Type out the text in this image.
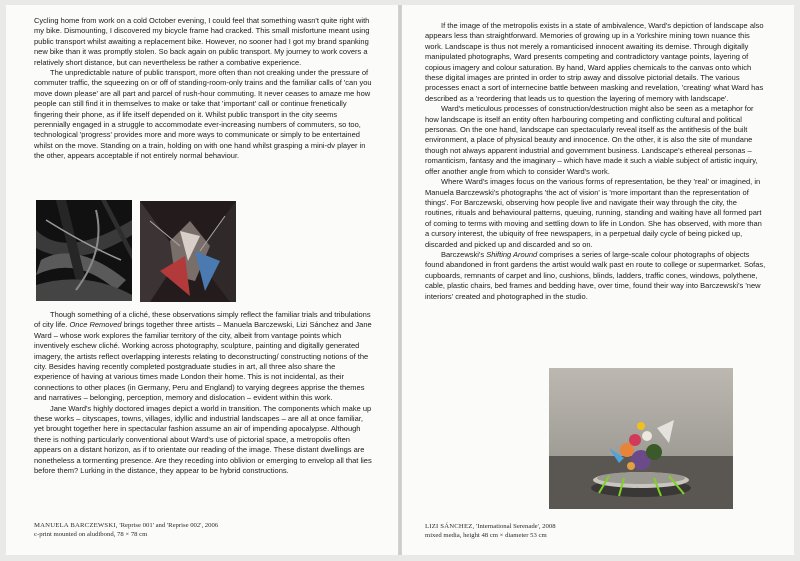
Cycling home from work on a cold October evening, I could feel that something wasn't quite right with my bike. Dismounting, I discovered my bicycle frame had cracked. This small misfortune meant using public transport whilst awaiting a replacement bike. However, no sooner had I got my brand spanking new bike than it was promptly stolen. So back again on public transport. My journey to work covers a relatively short distance, but can nevertheless be rather a combative experience.

The unpredictable nature of public transport, more often than not creaking under the pressure of commuter traffic, the squeezing on or off of standing-room-only trains and the familiar calls of 'can you move down please' are all part and parcel of rush-hour commuting. It never ceases to amaze me how people can still find it in themselves to make or take that 'important' call or continue frenetically fingering their phone, as if life itself depended on it. Whilst public transport in the city seems perennially engaged in a struggle to accommodate ever-increasing numbers of commuters, so too, technological 'progress' provides more and more ways to communicate or simply to be entertained whilst on the move. Standing on a train, holding on with one hand whilst grasping a mini-dv player in the other, appears acceptable if not entirely normal behaviour.

Though something of a cliché, these observations simply reflect the familiar trials and tribulations of city life. Once Removed brings together three artists – Manuela Barczewski, Lizi Sánchez and Jane Ward – whose work explores the familiar territory of the city, albeit from vantage points which inventively eschew cliché. Working across photography, sculpture, painting and digitally generated imagery, the artists reflect overlapping interests relating to deconstructing/ constructing notions of the city. Besides having recently completed postgraduate studies in art, all three also share the experience of having at various times made London their home. This is not incidental, as their connections to other places (in Germany, Peru and England) to varying degrees apprise the themes and narratives – belonging, perception, memory and dislocation – evident within this work.

Jane Ward's highly doctored images depict a world in transition. The components which make up these works – cityscapes, towns, villages, idyllic and industrial landscapes – are all at once familiar, yet brought together here in spectacular fashion assume an air of impending apocalypse. Although there is nothing particularly conventional about Ward's use of pictorial space, a metropolis often appears on a distant horizon, as if to orientate our reading of the image. These distant dwellings are nonetheless a tormenting presence. Are they receding into oblivion or emerging to envelop all that lies before them? Lurking in the distance, they appear to be hybrid constructions.

MANUELA BARCZEWSKI, 'Reprise 001' and 'Reprise 002', 2006
c-print mounted on aludibond, 78 × 78 cm

If the image of the metropolis exists in a state of ambivalence, Ward's depiction of landscape also appears less than straightforward. Memories of growing up in a Yorkshire mining town nuance this work. Landscape is thus not merely a romanticised innocent awaiting its demise. Through digitally manipulated photographs, Ward presents competing and contradictory vantage points, layering of copious imagery and colour saturation. By hand, Ward applies chemicals to the canvas onto which these digital images are printed in order to strip away and dissolve pictorial details. The various processes enact a sort of internecine battle between masking and revelation, 'creating' what Ward has described as a 'reordering that leads us to question the layering of memory with landscape'.

Ward's meticulous processes of construction/destruction might also be seen as a metaphor for how landscape is itself an entity often harbouring competing and conflicting cultural and political personas. On the one hand, landscape can spectacularly reveal itself as the antithesis of the built environment, a place of physical beauty and innocence. On the other, it is also the site of mundane though not always apparent industrial and government business. Landscape's ethereal personas – romanticism, fantasy and the imaginary – which have made it such a viable subject of artistic inquiry, offer another angle from which to consider Ward's work.

Where Ward's images focus on the various forms of representation, be they 'real' or imagined, in Manuela Barczewski's photographs 'the act of vision' is 'more important than the representation of things'. For Barczewski, observing how people live and navigate their way through the city, the routines, rituals and behavioural patterns, queuing, running, standing and waiting have all formed part of coming to terms with moving and settling down to life in London. She has observed, with more than a cursory interest, the ubiquity of free newspapers, in a perpetual daily cycle of being picked up, discarded and picked up and discarded and so on.

Barczewski's Shifting Around comprises a series of large-scale colour photographs of objects found abandoned in front gardens the artist would walk past en route to college or supermarket. Sofas, cupboards, remnants of carpet and lino, cushions, blinds, ladders, traffic cones, windows, polythene, cable, plastic chairs, bed frames and bedding have, over time, found their way into Barczewski's 'new interiors' created and photographed in the studio.

LIZI SÁNCHEZ, 'International Serenade', 2008
mixed media, height 48 cm × diameter 53 cm
